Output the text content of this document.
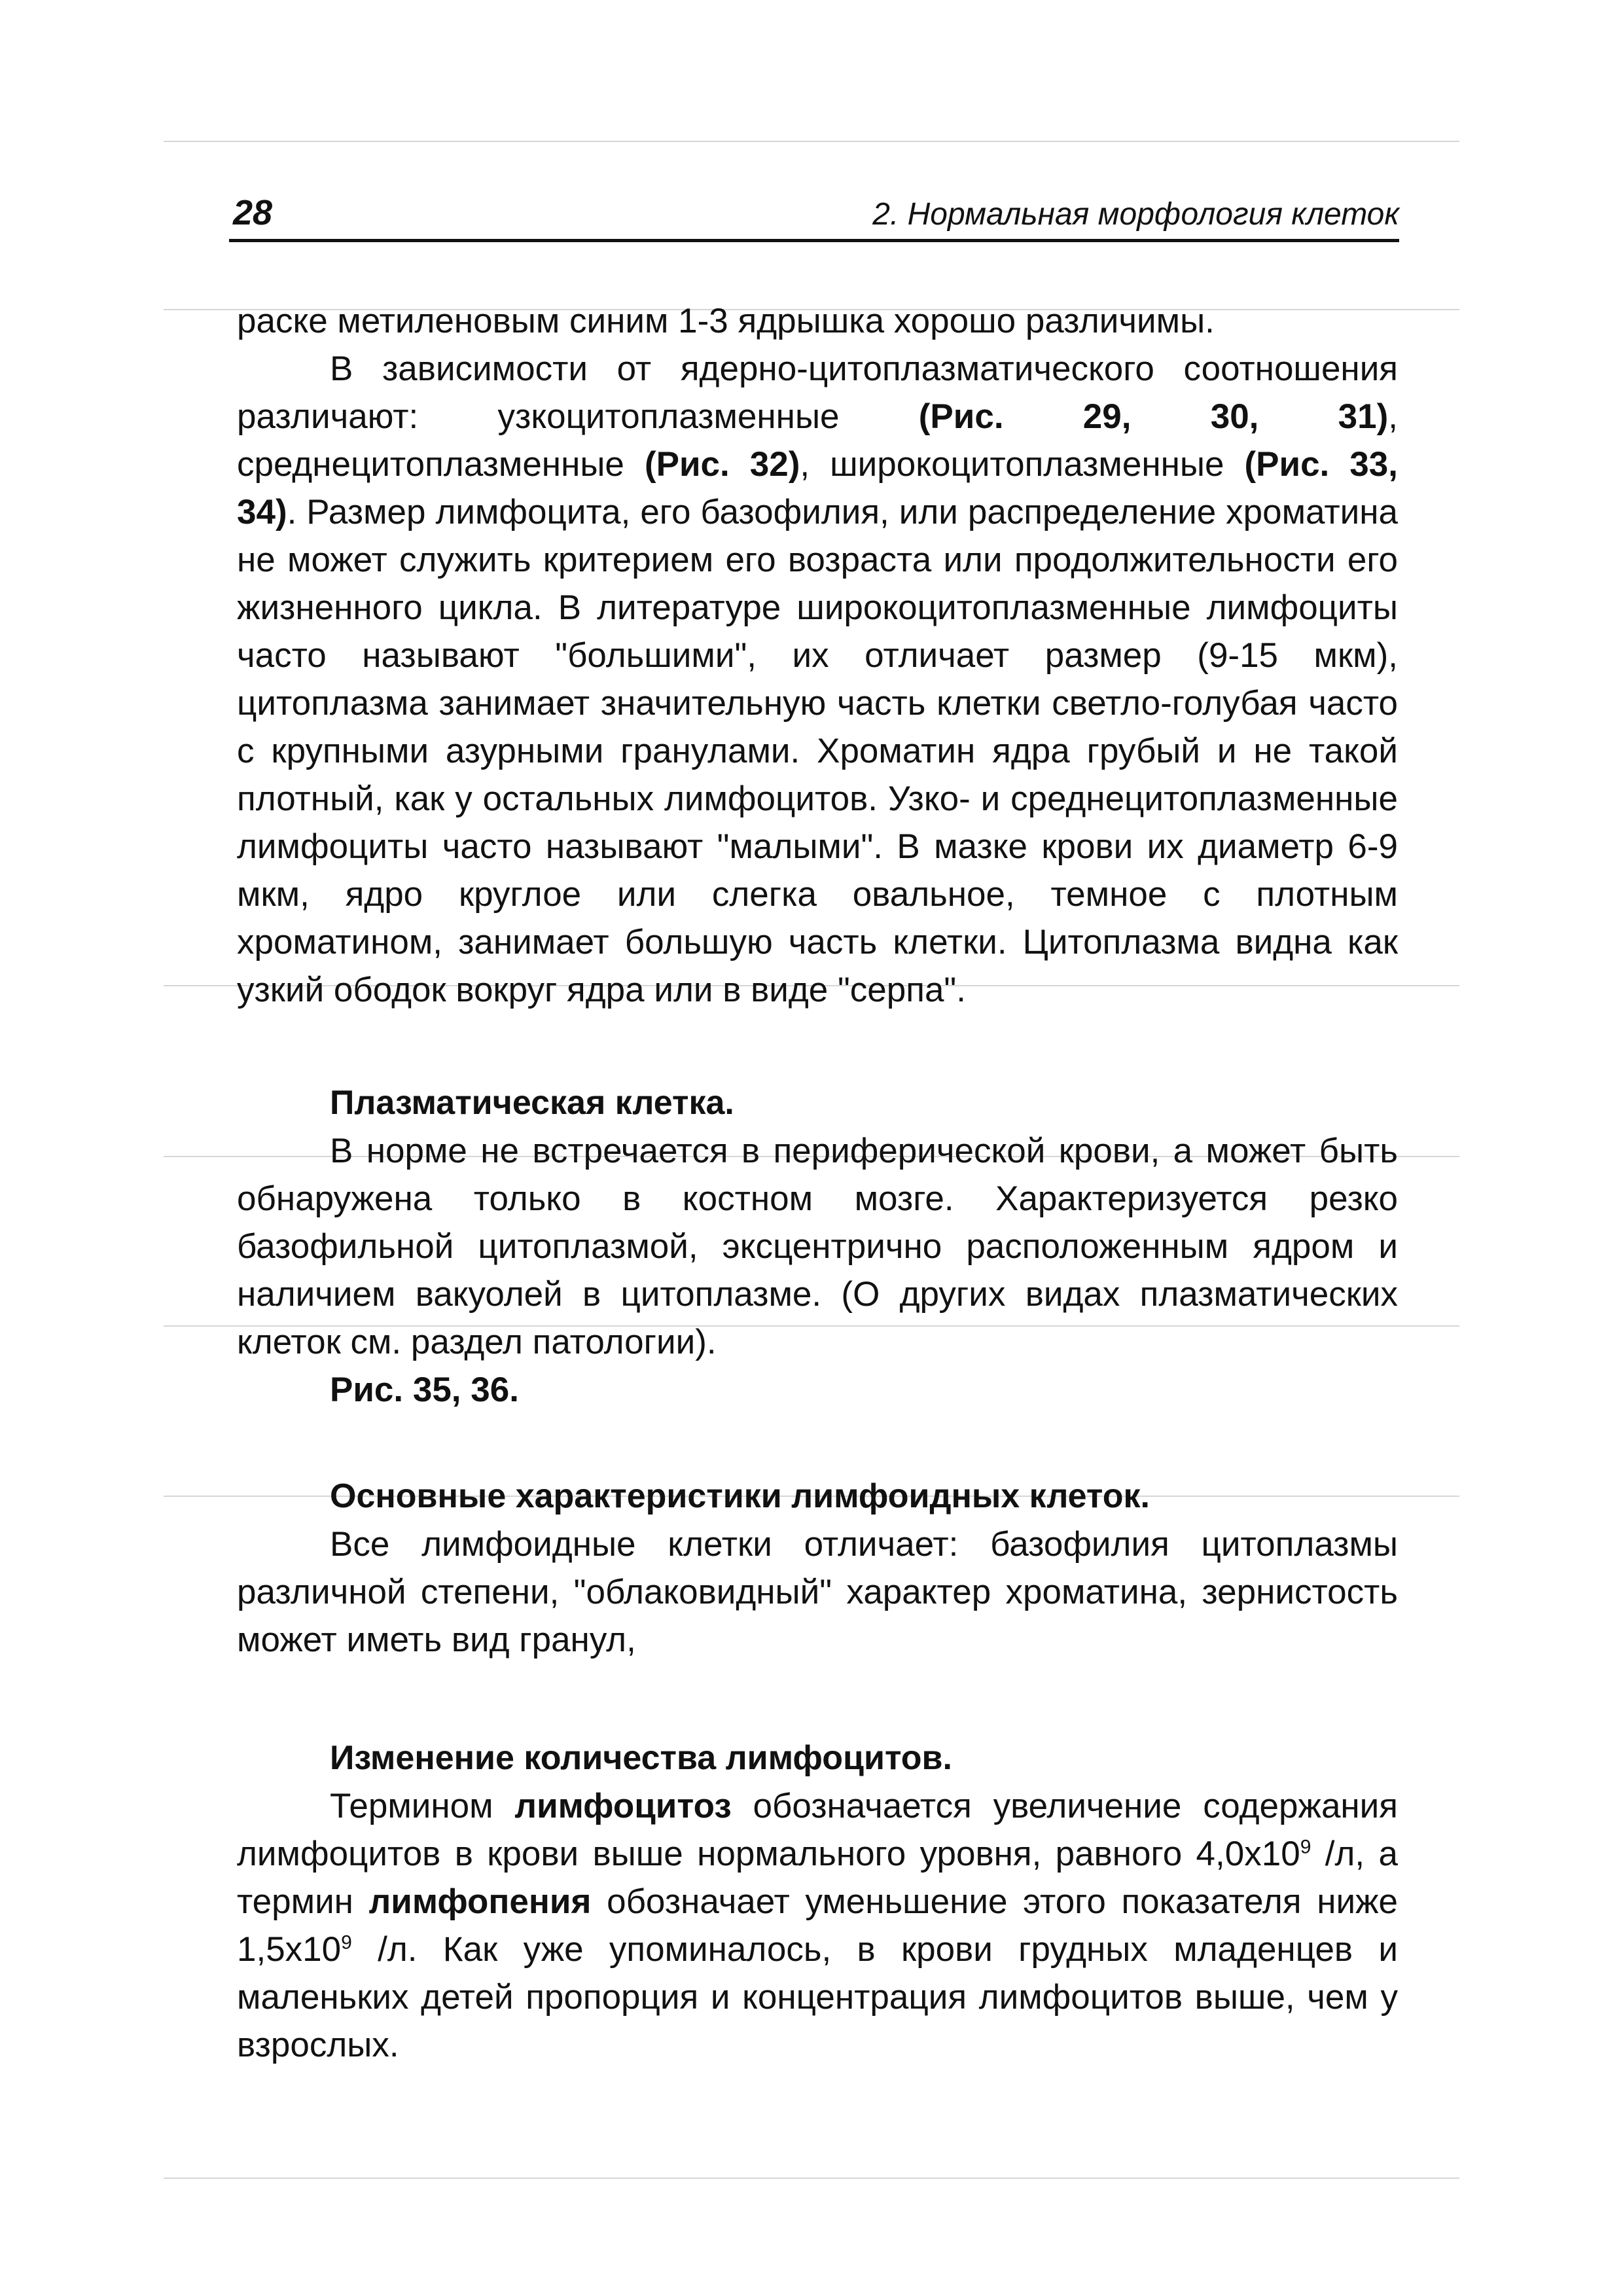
28	2. Нормальная морфология клеток

раске метиленовым синим 1-3 ядрышка хорошо различимы.

В зависимости от ядерно-цитоплазматического соотношения различают: узкоцитоплазменные (Рис. 29, 30, 31), среднецитоплазменные (Рис. 32), широкоцитоплазменные (Рис. 33, 34). Размер лимфоцита, его базофилия, или распределение хроматина не может служить критерием его возраста или продолжительности его жизненного цикла. В литературе широкоцитоплазменные лимфоциты часто называют "большими", их отличает размер (9-15 мкм), цитоплазма занимает значительную часть клетки светло-голубая часто с крупными азурными гранулами. Хроматин ядра грубый и не такой плотный, как у остальных лимфоцитов. Узко- и среднецитоплазменные лимфоциты часто называют "малыми". В мазке крови их диаметр 6-9 мкм, ядро круглое или слегка овальное, темное с плотным хроматином, занимает большую часть клетки. Цитоплазма видна как узкий ободок вокруг ядра или в виде "серпа".

Плазматическая клетка.

В норме не встречается в периферической крови, а может быть обнаружена только в костном мозге. Характеризуется резко базофильной цитоплазмой, эксцентрично расположенным ядром и наличием вакуолей в цитоплазме. (О других видах плазматических клеток см. раздел патологии).

Рис. 35, 36.
Основные характеристики лимфоидных клеток.

Все лимфоидные клетки отличает: базофилия цитоплазмы различной степени, "облаковидный" характер хроматина, зернистость может иметь вид гранул,

Изменение количества лимфоцитов.

Термином лимфоцитоз обозначается увеличение содержания лимфоцитов в крови выше нормального уровня, равного $4,0х10^9$ /л, а термин лимфопения обозначает уменьшение этого показателя ниже $1,5х10^9$ /л. Как уже упоминалось, в крови грудных младенцев и маленьких детей пропорция и концентрация лимфоцитов выше, чем у взрослых.
